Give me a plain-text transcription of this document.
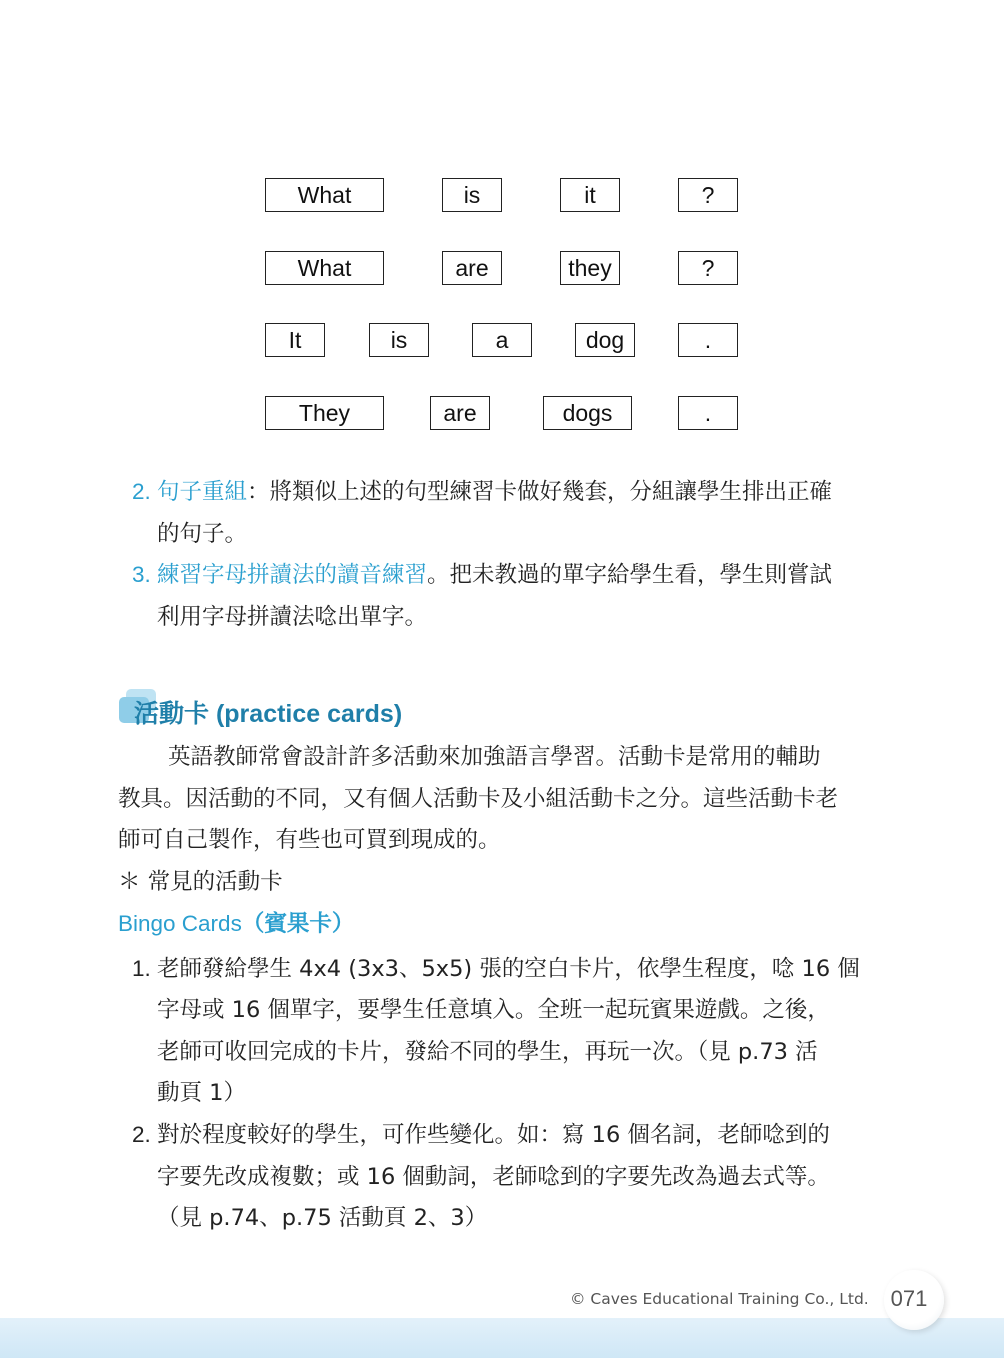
What	is	it	?
What	are	they	?
It	is	a	dog	.
They	are	dogs	.
2. 句子重組：將類似上述的句型練習卡做好幾套，分組讓學生排出正確
的句子。
3. 練習字母拼讀法的讀音練習。把未教過的單字給學生看，學生則嘗試
利用字母拼讀法唸出單字。
活動卡 (practice cards)
英語教師常會設計許多活動來加強語言學習。活動卡是常用的輔助
教具。因活動的不同，又有個人活動卡及小組活動卡之分。這些活動卡老
師可自己製作，有些也可買到現成的。
＊ 常見的活動卡
Bingo Cards（賓果卡）
1. 老師發給學生 4x4 (3x3、5x5) 張的空白卡片，依學生程度，唸 16 個
字母或 16 個單字，要學生任意填入。全班一起玩賓果遊戲。之後，
老師可收回完成的卡片，發給不同的學生，再玩一次。（見 p.73 活
動頁 1）
2. 對於程度較好的學生，可作些變化。如：寫 16 個名詞，老師唸到的
字要先改成複數；或 16 個動詞，老師唸到的字要先改為過去式等。
（見 p.74、p.75 活動頁 2、3）
© Caves Educational Training Co., Ltd. 071
